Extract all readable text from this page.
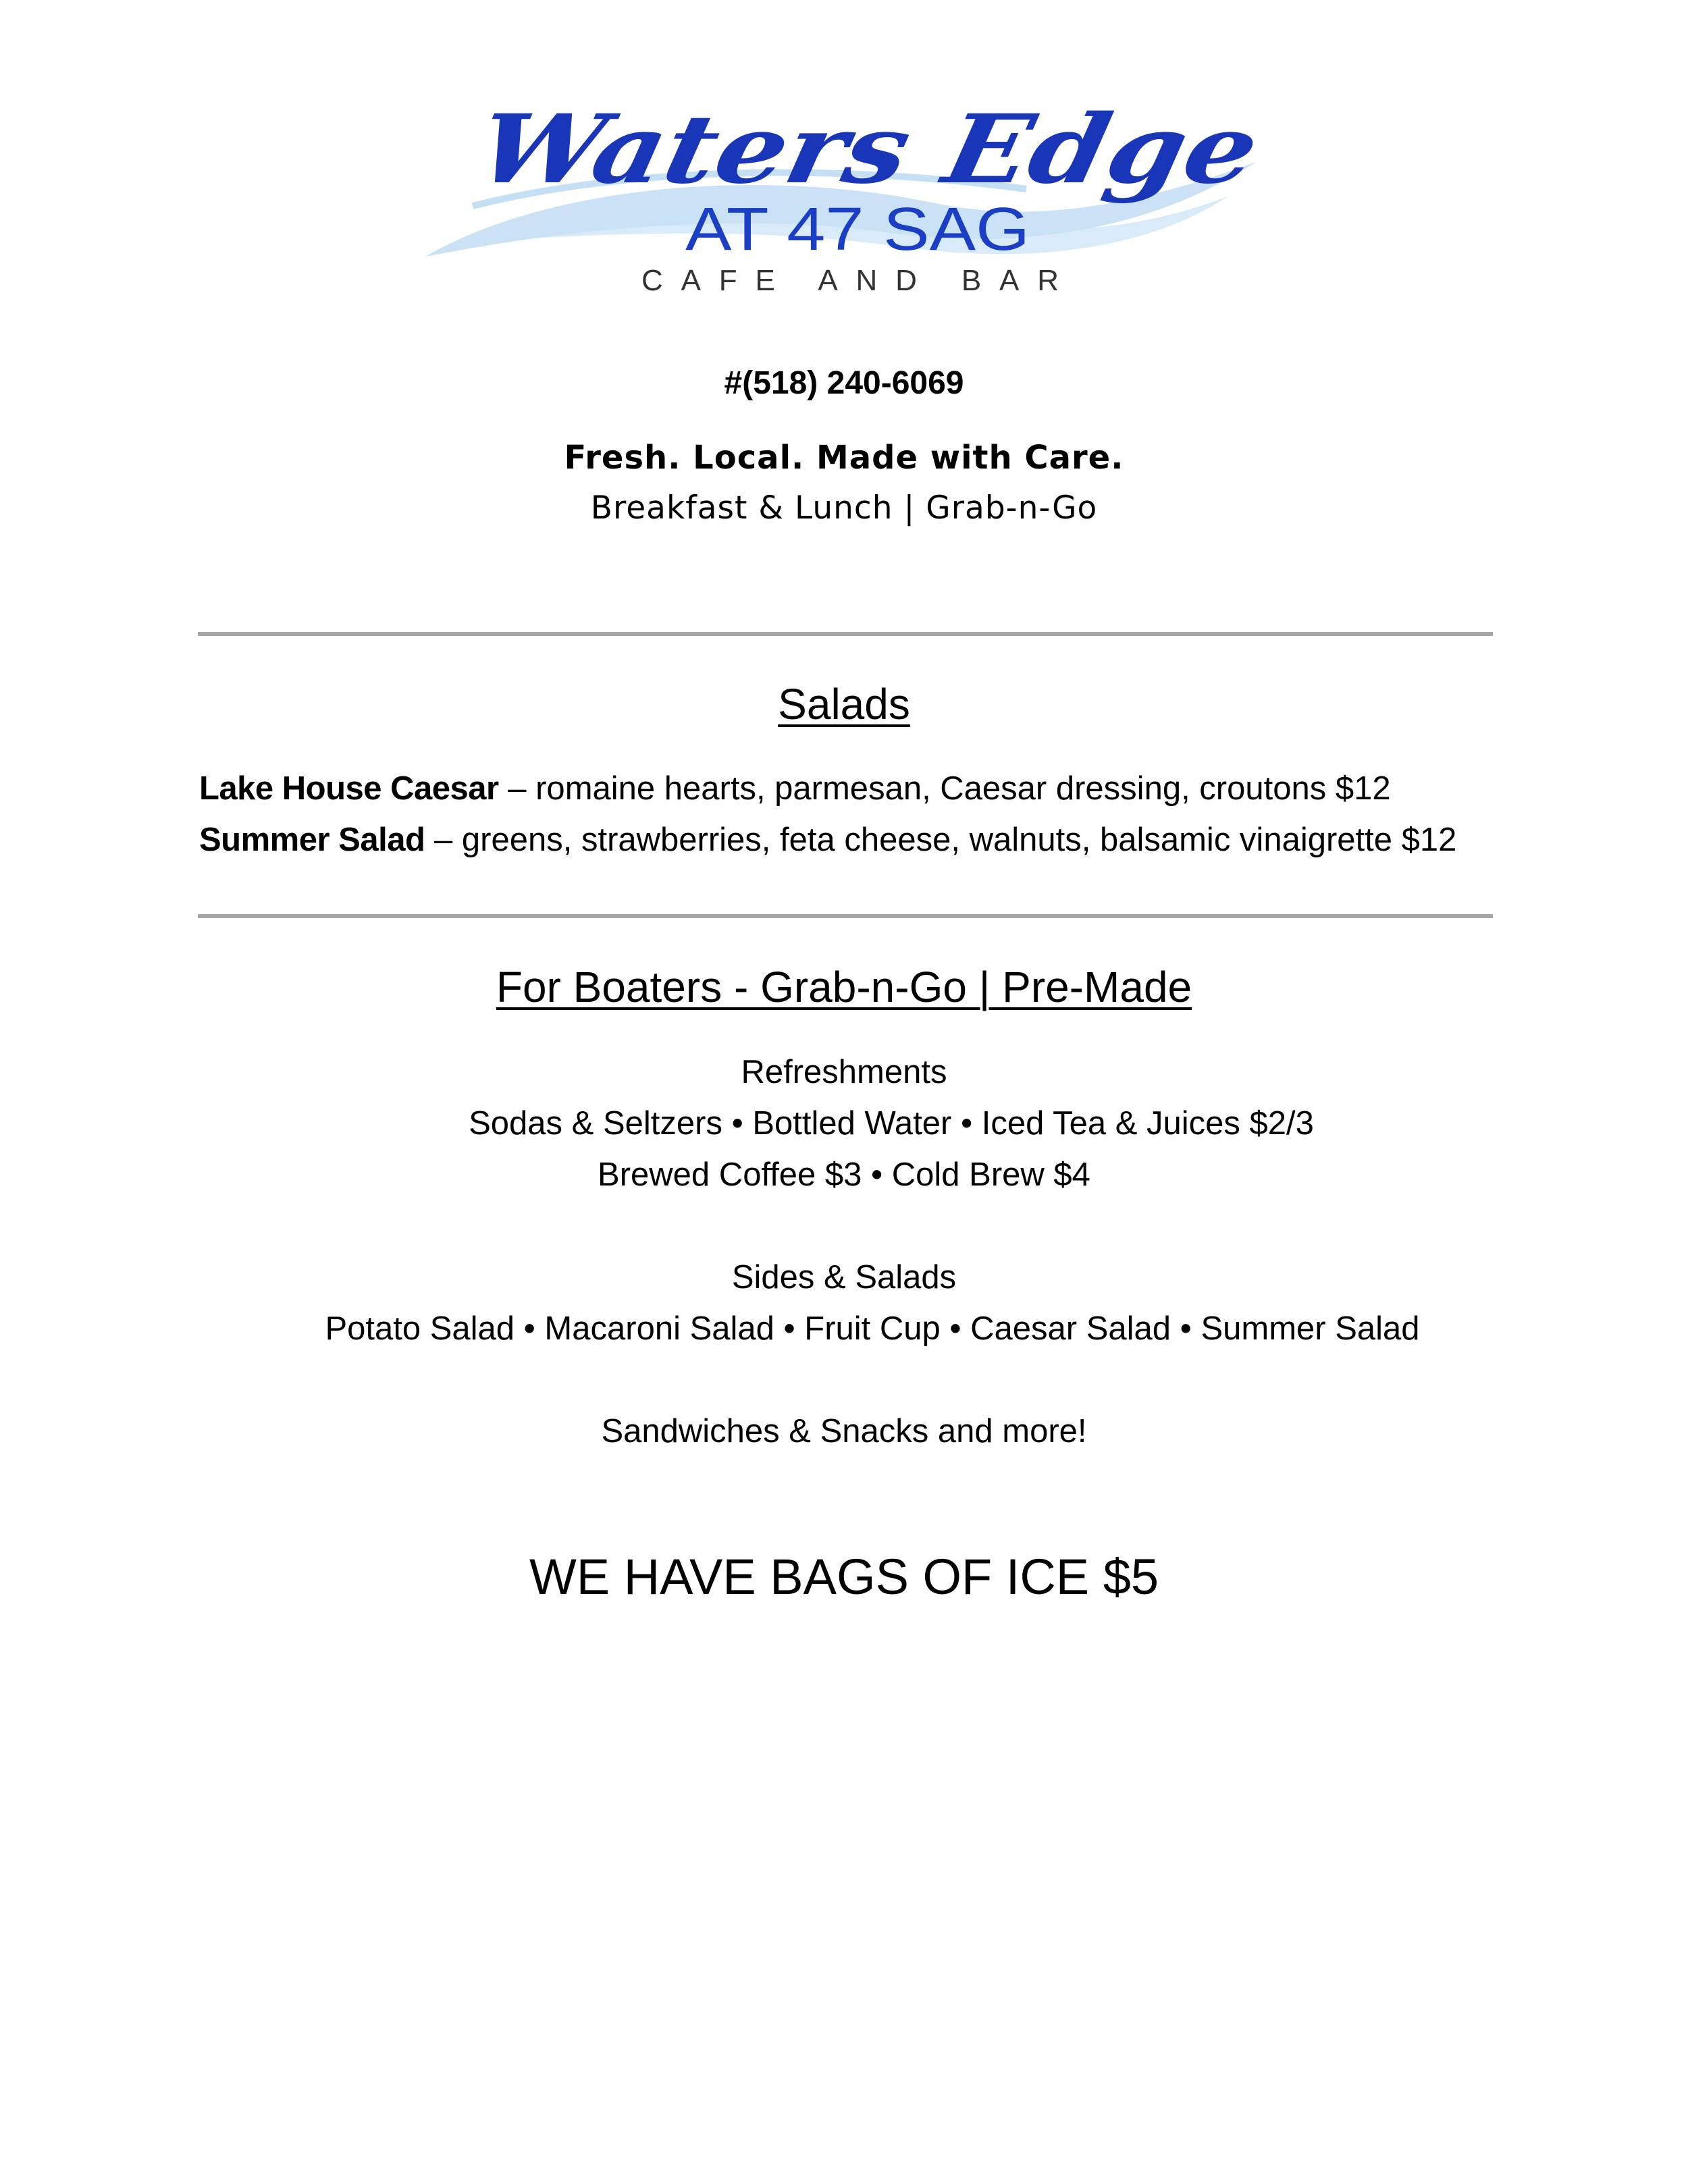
Waters Edge
AT 47 SAG
CAFE AND BAR
#(518) 240-6069
Fresh. Local. Made with Care.
Breakfast & Lunch | Grab-n-Go
Salads
Lake House Caesar – romaine hearts, parmesan, Caesar dressing, croutons $12
Summer Salad – greens, strawberries, feta cheese, walnuts, balsamic vinaigrette $12
For Boaters - Grab-n-Go | Pre-Made
Refreshments
Sodas & Seltzers • Bottled Water • Iced Tea & Juices $2/3
Brewed Coffee $3 • Cold Brew $4
Sides & Salads
Potato Salad • Macaroni Salad • Fruit Cup • Caesar Salad • Summer Salad
Sandwiches & Snacks and more!
WE HAVE BAGS OF ICE $5
